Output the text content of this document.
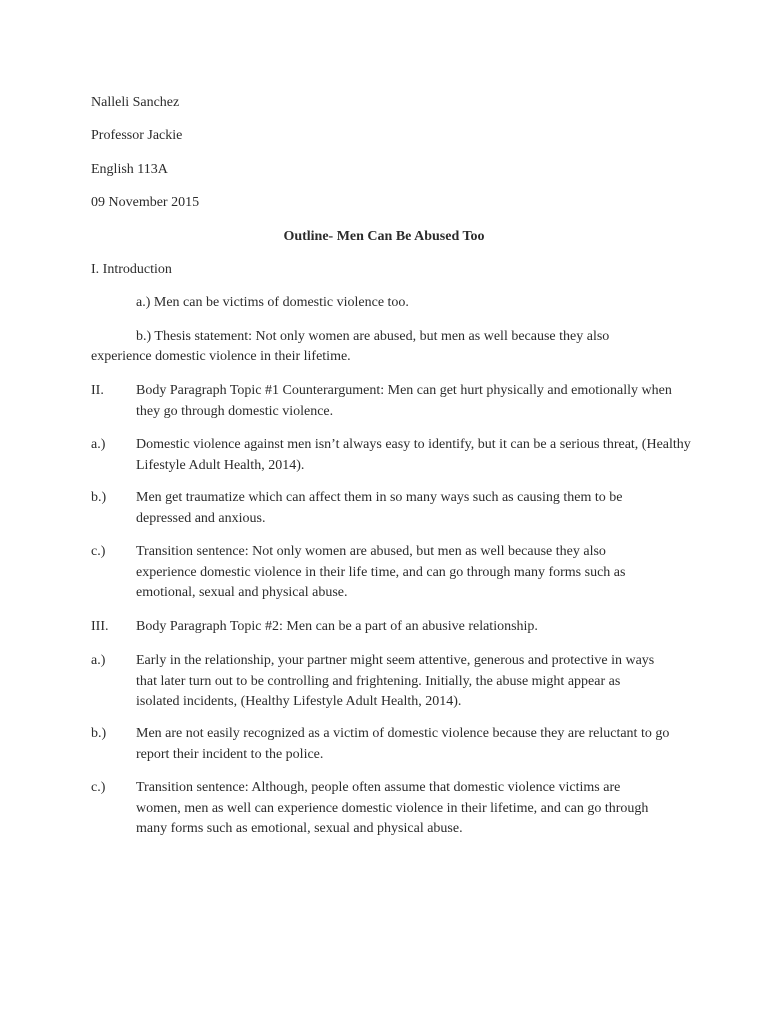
Nalleli Sanchez
Professor Jackie
English 113A
09 November 2015
Outline- Men Can Be Abused Too
I. Introduction
a.) Men can be victims of domestic violence too.
b.) Thesis statement: Not only women are abused, but men as well because they also
experience domestic violence in their lifetime.
II. Body Paragraph Topic #1 Counterargument: Men can get hurt physically and emotionally when they go through domestic violence.
a.) Domestic violence against men isn’t always easy to identify, but it can be a serious threat, (Healthy Lifestyle Adult Health, 2014).
b.) Men get traumatize which can affect them in so many ways such as causing them to be depressed and anxious.
c.) Transition sentence: Not only women are abused, but men as well because they also experience domestic violence in their life time, and can go through many forms such as emotional, sexual and physical abuse.
III. Body Paragraph Topic #2: Men can be a part of an abusive relationship.
a.) Early in the relationship, your partner might seem attentive, generous and protective in ways that later turn out to be controlling and frightening. Initially, the abuse might appear as isolated incidents, (Healthy Lifestyle Adult Health, 2014).
b.) Men are not easily recognized as a victim of domestic violence because they are reluctant to go report their incident to the police.
c.) Transition sentence: Although, people often assume that domestic violence victims are women, men as well can experience domestic violence in their lifetime, and can go through many forms such as emotional, sexual and physical abuse.
